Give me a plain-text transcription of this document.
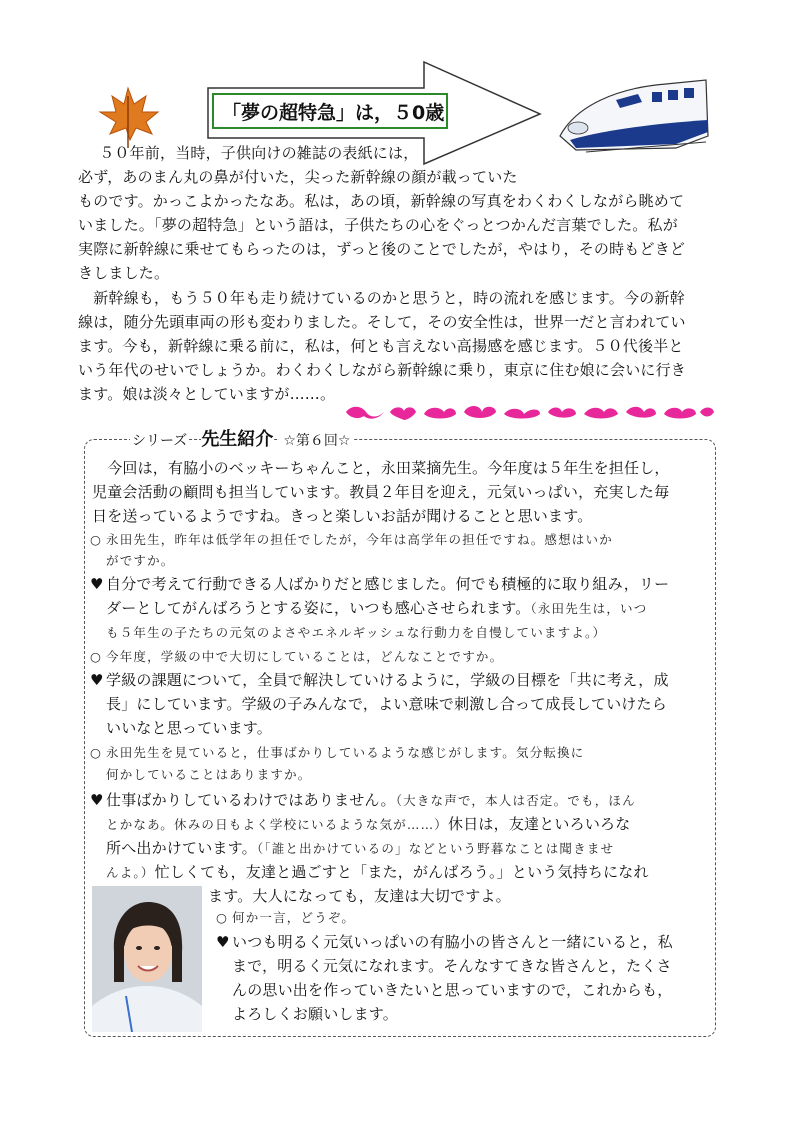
「夢の超特急」は，５0歳
　５０年前，当時，子供向けの雑誌の表紙には，
必ず，あのまん丸の鼻が付いた，尖った新幹線の顔が載っていた
ものです。かっこよかったなあ。私は，あの頃，新幹線の写真をわくわくしながら眺めて
いました。「夢の超特急」という語は，子供たちの心をぐっとつかんだ言葉でした。私が
実際に新幹線に乗せてもらったのは，ずっと後のことでしたが，やはり，その時もどきど
きしました。
　新幹線も，もう５０年も走り続けているのかと思うと，時の流れを感じます。今の新幹
線は，随分先頭車両の形も変わりました。そして，その安全性は，世界一だと言われてい
ます。今も，新幹線に乗る前に，私は，何とも言えない高揚感を感じます。５０代後半と
いう年代のせいでしょうか。わくわくしながら新幹線に乗り，東京に住む娘に会いに行き
ます。娘は淡々としていますが……。
シリーズ 先生紹介 ☆第６回☆
　今回は，有脇小のベッキーちゃんこと，永田菜摘先生。今年度は５年生を担任し，
児童会活動の顧問も担当しています。教員２年目を迎え，元気いっぱい，充実した毎
日を送っているようですね。きっと楽しいお話が聞けることと思います。
○ 永田先生，昨年は低学年の担任でしたが，今年は高学年の担任ですね。感想はいか
がですか。
♥ 自分で考えて行動できる人ばかりだと感じました。何でも積極的に取り組み，リー
ダーとしてがんばろうとする姿に，いつも感心させられます。（永田先生は，いつ
も５年生の子たちの元気のよさやエネルギッシュな行動力を自慢していますよ。）
○ 今年度，学級の中で大切にしていることは，どんなことですか。
♥ 学級の課題について，全員で解決していけるように，学級の目標を「共に考え，成
長」にしています。学級の子みんなで，よい意味で刺激し合って成長していけたら
いいなと思っています。
○ 永田先生を見ていると，仕事ばかりしているような感じがします。気分転換に
何かしていることはありますか。
♥ 仕事ばかりしているわけではありません。（大きな声で，本人は否定。でも，ほん
とかなあ。休みの日もよく学校にいるような気が……）休日は，友達といろいろな
所へ出かけています。（「誰と出かけているの」などという野暮なことは聞きませ
んよ。）忙しくても，友達と過ごすと「また，がんばろう。」という気持ちになれ
ます。大人になっても，友達は大切ですよ。
○ 何か一言，どうぞ。
♥ いつも明るく元気いっぱいの有脇小の皆さんと一緒にいると，私
まで，明るく元気になれます。そんなすてきな皆さんと，たくさ
んの思い出を作っていきたいと思っていますので，これからも，
よろしくお願いします。
